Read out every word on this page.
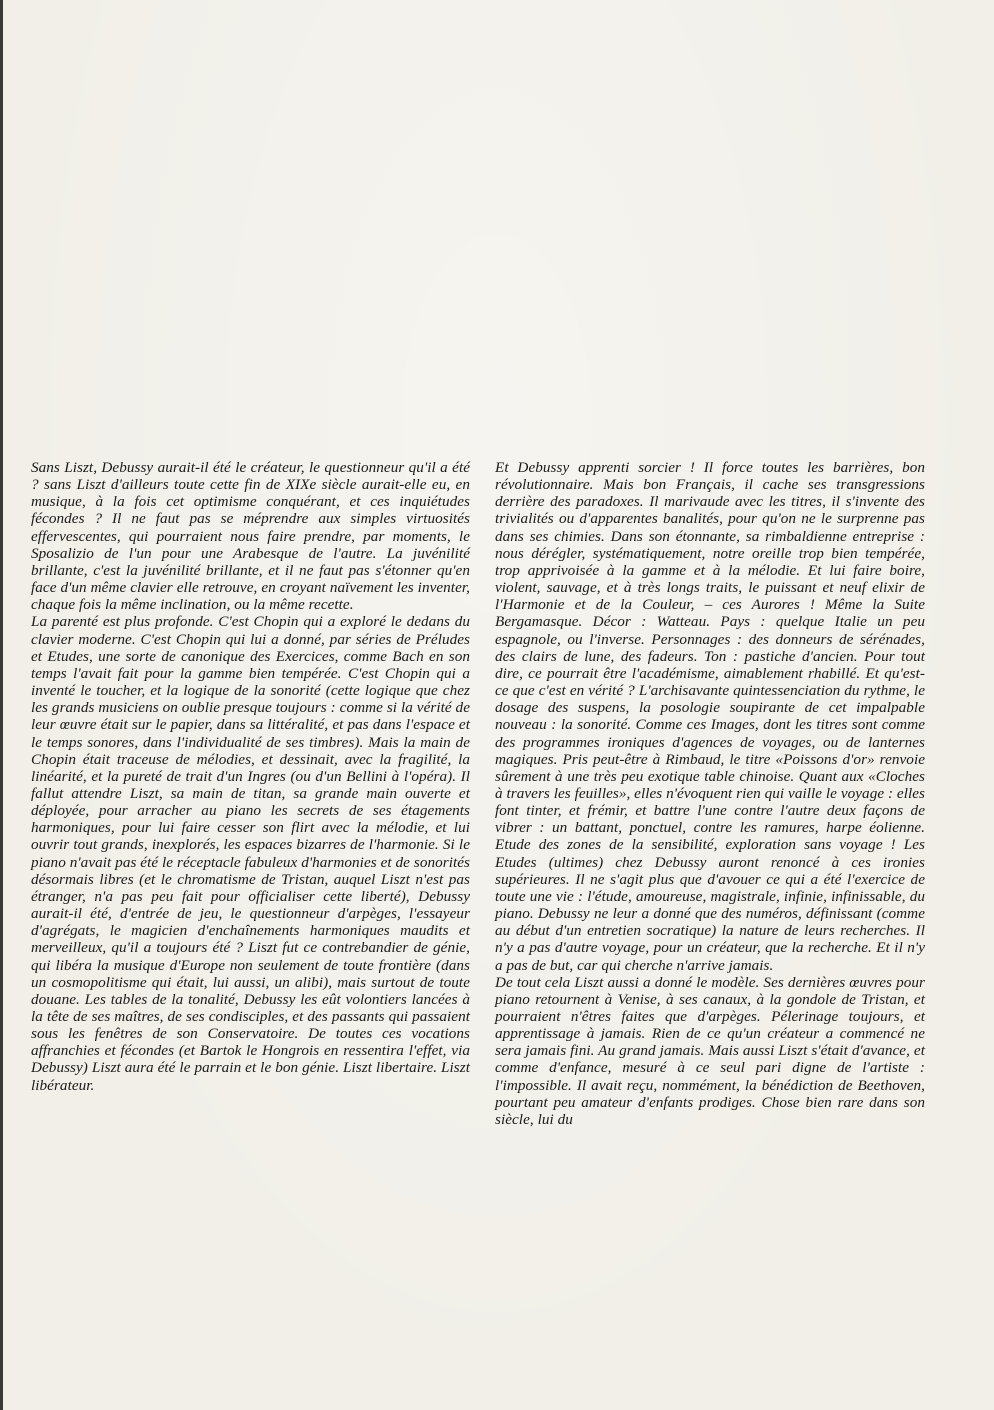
Sans Liszt, Debussy aurait-il été le créateur, le questionneur qu'il a été ? sans Liszt d'ailleurs toute cette fin de XIXe siècle aurait-elle eu, en musique, à la fois cet optimisme conquérant, et ces inquiétudes fécondes ? Il ne faut pas se méprendre aux simples virtuosités effervescentes, qui pourraient nous faire prendre, par moments, le Sposalizio de l'un pour une Arabesque de l'autre. La juvénilité brillante, c'est la juvénilité brillante, et il ne faut pas s'étonner qu'en face d'un même clavier elle retrouve, en croyant naïvement les inventer, chaque fois la même inclination, ou la même recette.

La parenté est plus profonde. C'est Chopin qui a exploré le dedans du clavier moderne. C'est Chopin qui lui a donné, par séries de Préludes et Etudes, une sorte de canonique des Exercices, comme Bach en son temps l'avait fait pour la gamme bien tempérée. C'est Chopin qui a inventé le toucher, et la logique de la sonorité (cette logique que chez les grands musiciens on oublie presque toujours : comme si la vérité de leur œuvre était sur le papier, dans sa littéralité, et pas dans l'espace et le temps sonores, dans l'individualité de ses timbres). Mais la main de Chopin était traceuse de mélodies, et dessinait, avec la fragilité, la linéarité, et la pureté de trait d'un Ingres (ou d'un Bellini à l'opéra). Il fallut attendre Liszt, sa main de titan, sa grande main ouverte et déployée, pour arracher au piano les secrets de ses étagements harmoniques, pour lui faire cesser son flirt avec la mélodie, et lui ouvrir tout grands, inexplorés, les espaces bizarres de l'harmonie. Si le piano n'avait pas été le réceptacle fabuleux d'harmonies et de sonorités désormais libres (et le chromatisme de Tristan, auquel Liszt n'est pas étranger, n'a pas peu fait pour officialiser cette liberté), Debussy aurait-il été, d'entrée de jeu, le questionneur d'arpèges, l'essayeur d'agrégats, le magicien d'enchaînements harmoniques maudits et merveilleux, qu'il a toujours été ? Liszt fut ce contrebandier de génie, qui libéra la musique d'Europe non seulement de toute frontière (dans un cosmopolitisme qui était, lui aussi, un alibi), mais surtout de toute douane. Les tables de la tonalité, Debussy les eût volontiers lancées à la tête de ses maîtres, de ses condisciples, et des passants qui passaient sous les fenêtres de son Conservatoire. De toutes ces vocations affranchies et fécondes (et Bartok le Hongrois en ressentira l'effet, via Debussy) Liszt aura été le parrain et le bon génie. Liszt libertaire. Liszt libérateur.

Et Debussy apprenti sorcier ! Il force toutes les barrières, bon révolutionnaire. Mais bon Français, il cache ses transgressions derrière des paradoxes. Il marivaude avec les titres, il s'invente des trivialités ou d'apparentes banalités, pour qu'on ne le surprenne pas dans ses chimies. Dans son étonnante, sa rimbaldienne entreprise : nous dérégler, systématiquement, notre oreille trop bien tempérée, trop apprivoisée à la gamme et à la mélodie. Et lui faire boire, violent, sauvage, et à très longs traits, le puissant et neuf elixir de l'Harmonie et de la Couleur, – ces Aurores ! Même la Suite Bergamasque. Décor : Watteau. Pays : quelque Italie un peu espagnole, ou l'inverse. Personnages : des donneurs de sérénades, des clairs de lune, des fadeurs. Ton : pastiche d'ancien. Pour tout dire, ce pourrait être l'académisme, aimablement rhabillé. Et qu'est-ce que c'est en vérité ? L'archisavante quintessenciation du rythme, le dosage des suspens, la posologie soupirante de cet impalpable nouveau : la sonorité. Comme ces Images, dont les titres sont comme des programmes ironiques d'agences de voyages, ou de lanternes magiques. Pris peut-être à Rimbaud, le titre «Poissons d'or» renvoie sûrement à une très peu exotique table chinoise. Quant aux «Cloches à travers les feuilles», elles n'évoquent rien qui vaille le voyage : elles font tinter, et frémir, et battre l'une contre l'autre deux façons de vibrer : un battant, ponctuel, contre les ramures, harpe éolienne. Etude des zones de la sensibilité, exploration sans voyage ! Les Etudes (ultimes) chez Debussy auront renoncé à ces ironies supérieures. Il ne s'agit plus que d'avouer ce qui a été l'exercice de toute une vie : l'étude, amoureuse, magistrale, infinie, infinissable, du piano. Debussy ne leur a donné que des numéros, définissant (comme au début d'un entretien socratique) la nature de leurs recherches. Il n'y a pas d'autre voyage, pour un créateur, que la recherche. Et il n'y a pas de but, car qui cherche n'arrive jamais.

De tout cela Liszt aussi a donné le modèle. Ses dernières œuvres pour piano retournent à Venise, à ses canaux, à la gondole de Tristan, et pourraient n'êtres faites que d'arpèges. Pélerinage toujours, et apprentissage à jamais. Rien de ce qu'un créateur a commencé ne sera jamais fini. Au grand jamais. Mais aussi Liszt s'était d'avance, et comme d'enfance, mesuré à ce seul pari digne de l'artiste : l'impossible. Il avait reçu, nommément, la bénédiction de Beethoven, pourtant peu amateur d'enfants prodiges. Chose bien rare dans son siècle, lui du
